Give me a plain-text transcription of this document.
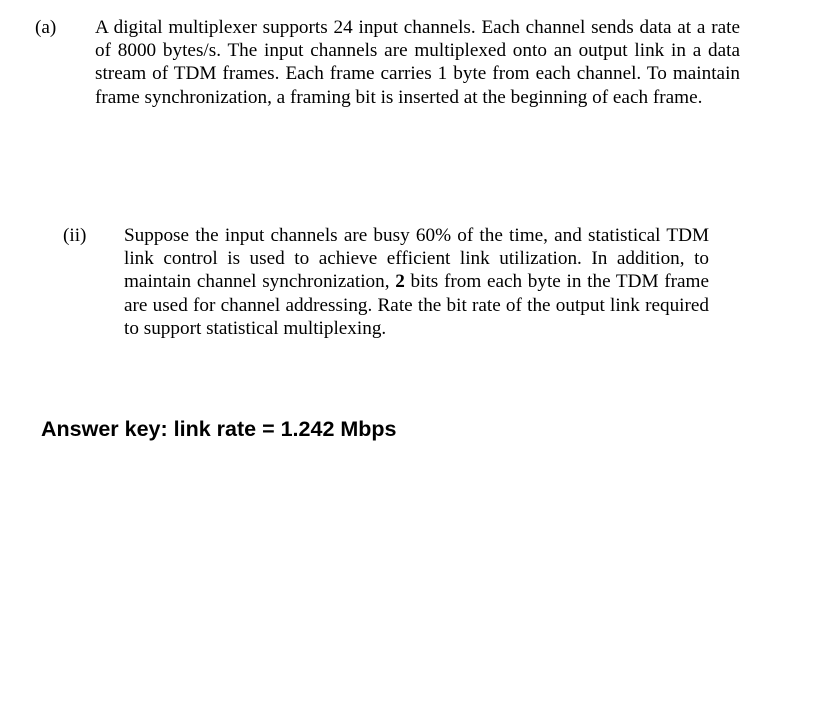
(a) A digital multiplexer supports 24 input channels. Each channel sends data at a rate of 8000 bytes/s. The input channels are multiplexed onto an output link in a data stream of TDM frames. Each frame carries 1 byte from each channel. To maintain frame synchronization, a framing bit is inserted at the beginning of each frame.
(ii) Suppose the input channels are busy 60% of the time, and statistical TDM link control is used to achieve efficient link utilization. In addition, to maintain channel synchronization, 2 bits from each byte in the TDM frame are used for channel addressing. Rate the bit rate of the output link required to support statistical multiplexing.
Answer key: link rate = 1.242 Mbps
